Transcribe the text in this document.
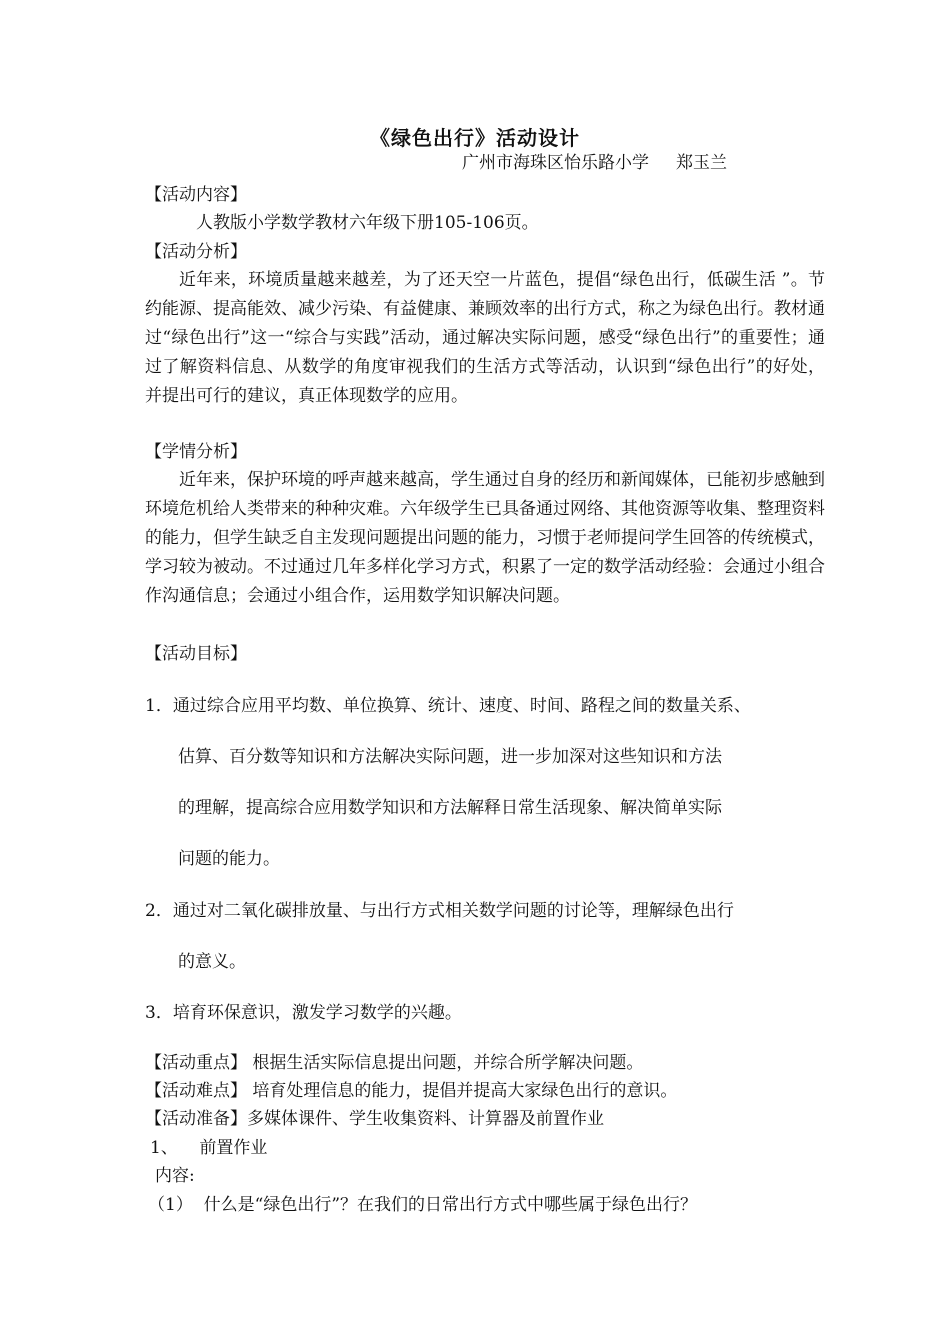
《绿色出行》活动设计
广州市海珠区怡乐路小学     郑玉兰
【活动内容】
人教版小学数学教材六年级下册105-106页。
【活动分析】
近年来，环境质量越来越差，为了还天空一片蓝色，提倡“绿色出行，低碳生活 ”。节约能源、提高能效、减少污染、有益健康、兼顾效率的出行方式，称之为绿色出行。教材通过“绿色出行”这一“综合与实践”活动，通过解决实际问题，感受“绿色出行”的重要性；通过了解资料信息、从数学的角度审视我们的生活方式等活动，认识到“绿色出行”的好处，并提出可行的建议，真正体现数学的应用。
【学情分析】
近年来，保护环境的呼声越来越高，学生通过自身的经历和新闻媒体，已能初步感触到环境危机给人类带来的种种灾难。六年级学生已具备通过网络、其他资源等收集、整理资料的能力，但学生缺乏自主发现问题提出问题的能力，习惯于老师提问学生回答的传统模式，学习较为被动。不过通过几年多样化学习方式，积累了一定的数学活动经验：会通过小组合作沟通信息；会通过小组合作，运用数学知识解决问题。
【活动目标】
1．通过综合应用平均数、单位换算、统计、速度、时间、路程之间的数量关系、
估算、百分数等知识和方法解决实际问题，进一步加深对这些知识和方法
的理解，提高综合应用数学知识和方法解释日常生活现象、解决简单实际
问题的能力。
2．通过对二氧化碳排放量、与出行方式相关数学问题的讨论等，理解绿色出行
的意义。
3．培育环保意识，激发学习数学的兴趣。
【活动重点】 根据生活实际信息提出问题，并综合所学解决问题。
【活动难点】 培育处理信息的能力，提倡并提高大家绿色出行的意识。
【活动准备】多媒体课件、学生收集资料、计算器及前置作业
1、    前置作业
内容:
（1）  什么是“绿色出行”？在我们的日常出行方式中哪些属于绿色出行？
